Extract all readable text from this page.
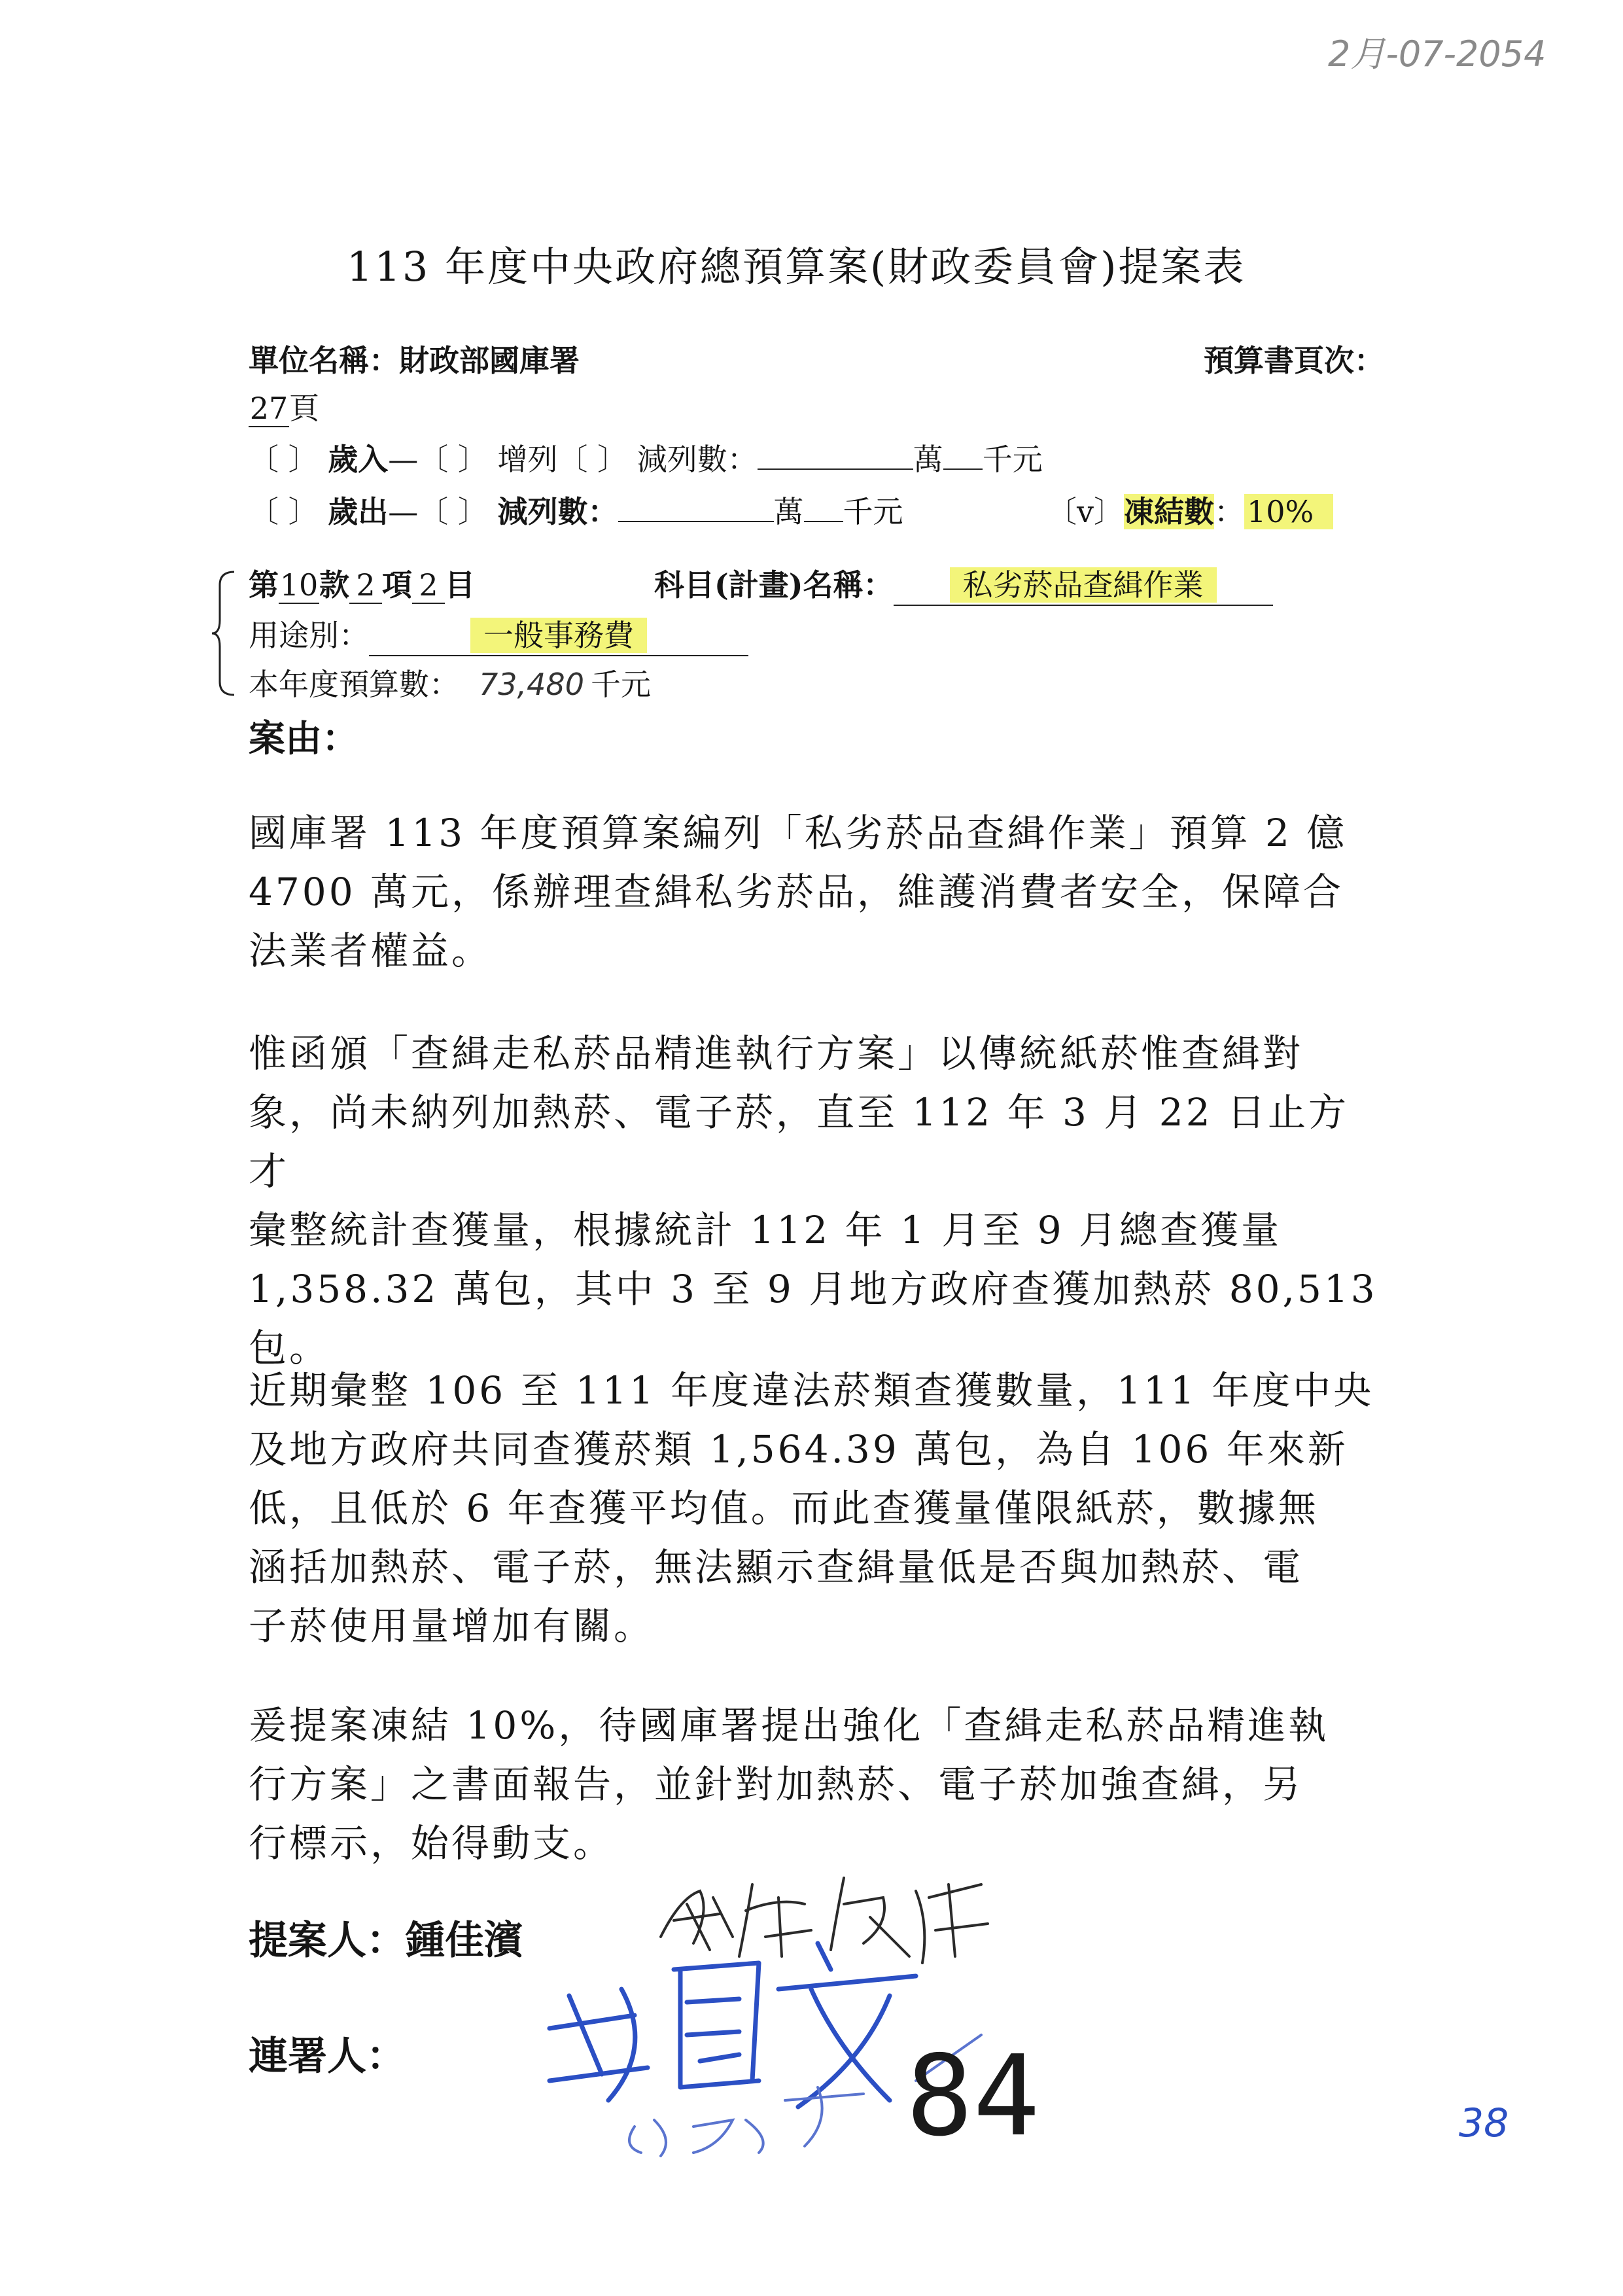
2月-07-2054
113 年度中央政府總預算案(財政委員會)提案表
單位名稱：財政部國庫署	預算書頁次：
27頁
〔 〕 歲入—〔 〕 增列〔 〕 減列數：	萬 千元
〔 〕 歲出—〔 〕 減列數：	萬 千元	〔v〕凍結數：10%
第10款 2 項 2 目	科目(計畫)名稱： 私劣菸品查緝作業
用途別：	一般事務費
本年度預算數： 73,480 千元
案由：

國庫署 113 年度預算案編列「私劣菸品查緝作業」預算 2 億

4700 萬元，係辦理查緝私劣菸品，維護消費者安全，保障合

法業者權益。

惟函頒「查緝走私菸品精進執行方案」以傳統紙菸惟查緝對

象，尚未納列加熱菸、電子菸，直至 112 年 3 月 22 日止方才

彙整統計查獲量，根據統計 112 年 1 月至 9 月總查獲量

1,358.32 萬包，其中 3 至 9 月地方政府查獲加熱菸 80,513

包。

近期彙整 106 至 111 年度違法菸類查獲數量，111 年度中央

及地方政府共同查獲菸類 1,564.39 萬包，為自 106 年來新

低，且低於 6 年查獲平均值。而此查獲量僅限紙菸，數據無

涵括加熱菸、電子菸，無法顯示查緝量低是否與加熱菸、電

子菸使用量增加有關。

爰提案凍結 10%，待國庫署提出強化「查緝走私菸品精進執

行方案」之書面報告，並針對加熱菸、電子菸加強查緝，另

行標示，始得動支。

提案人：鍾佳濱
連署人：	84	38
